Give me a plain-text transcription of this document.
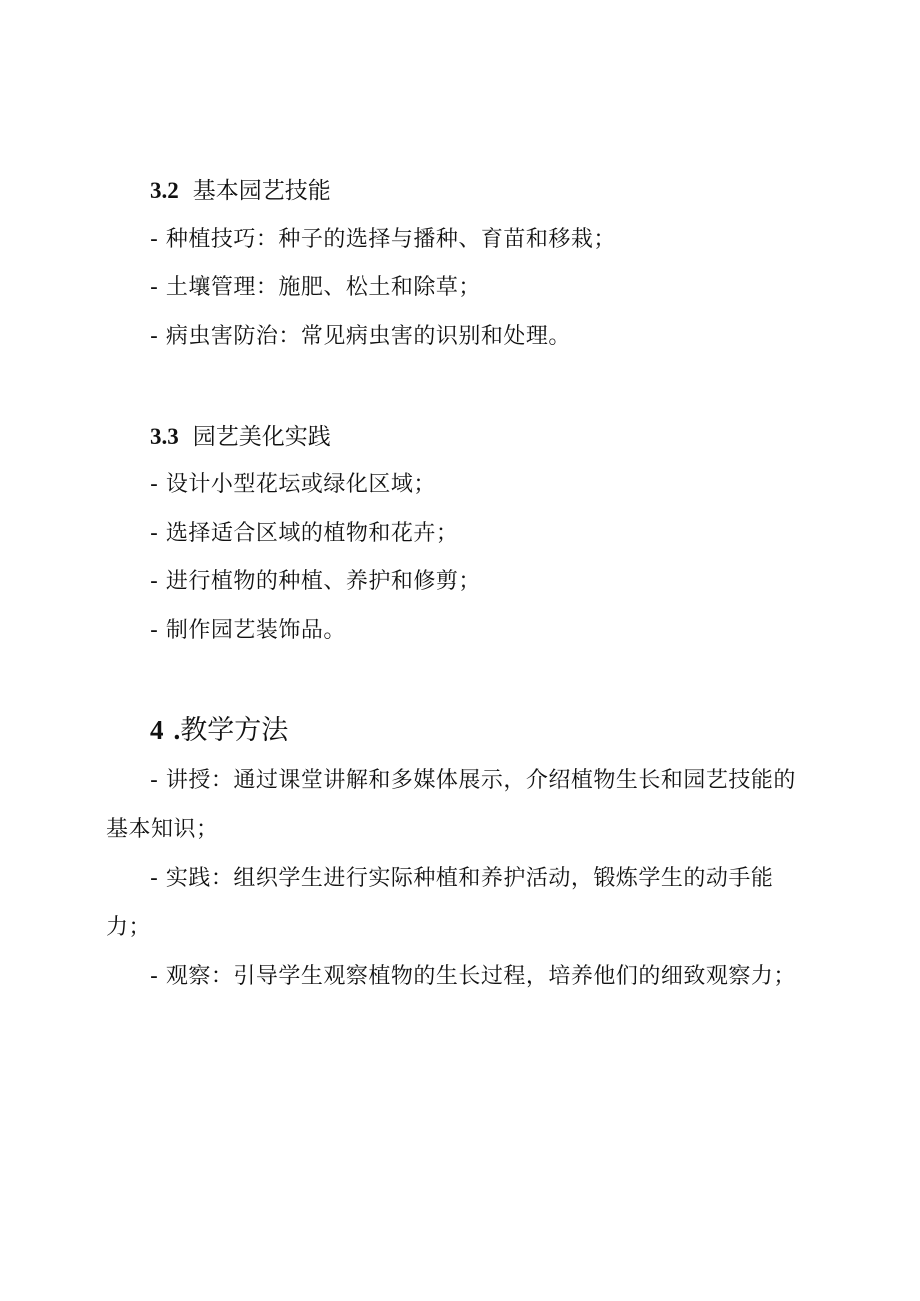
3.2 基本园艺技能
- 种植技巧：种子的选择与播种、育苗和移栽；
- 土壤管理：施肥、松土和除草；
- 病虫害防治：常见病虫害的识别和处理。
3.3 园艺美化实践
- 设计小型花坛或绿化区域；
- 选择适合区域的植物和花卉；
- 进行植物的种植、养护和修剪；
- 制作园艺装饰品。
4 .教学方法

- 讲授：通过课堂讲解和多媒体展示，介绍植物生长和园艺技能的基本知识；

- 实践：组织学生进行实际种植和养护活动，锻炼学生的动手能力；

- 观察：引导学生观察植物的生长过程，培养他们的细致观察力；
